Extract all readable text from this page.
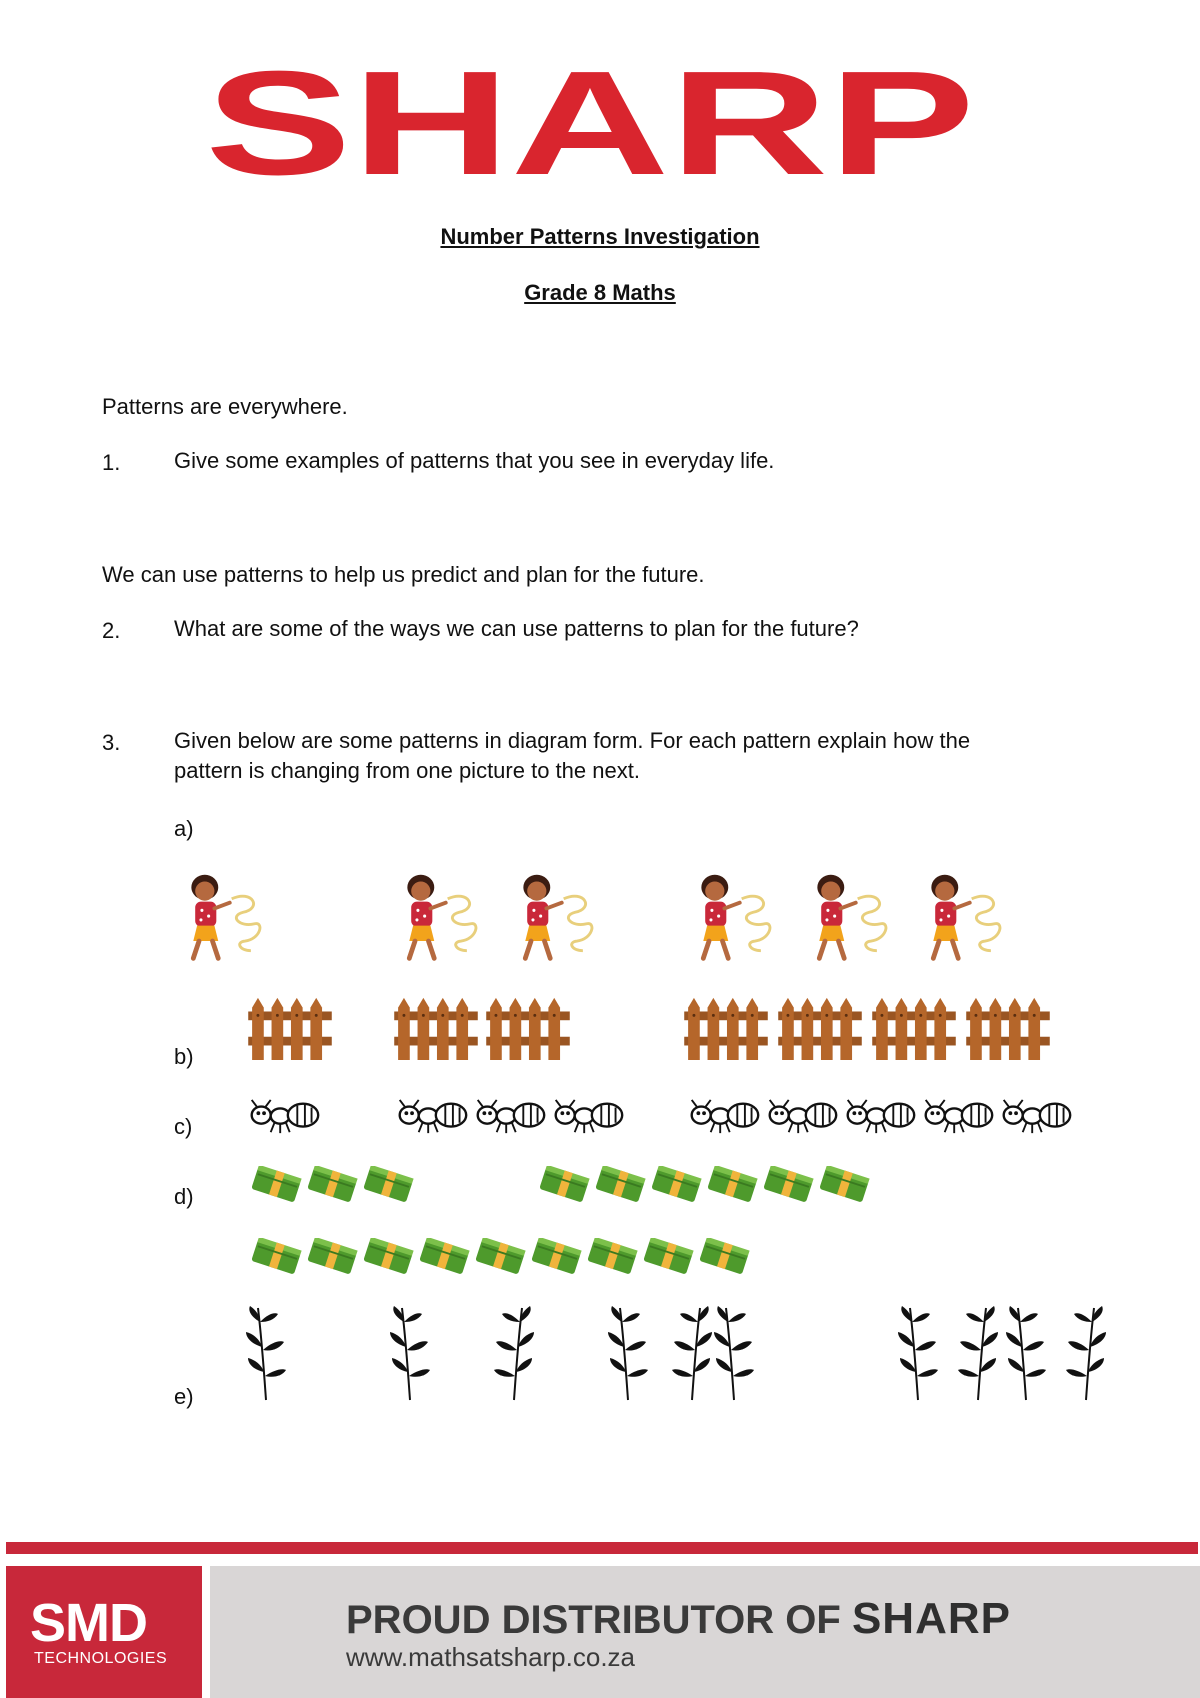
SHARP
Number Patterns Investigation
Grade 8 Maths
Patterns are everywhere.
1. Give some examples of patterns that you see in everyday life.
We can use patterns to help us predict and plan for the future.
2. What are some of the ways we can use patterns to plan for the future?
3. Given below are some patterns in diagram form. For each pattern explain how the
pattern is changing from one picture to the next.
a)
b)
c)
d)
e)
SMD
TECHNOLOGIES
PROUD DISTRIBUTOR OF SHARP
www.mathsatsharp.co.za
